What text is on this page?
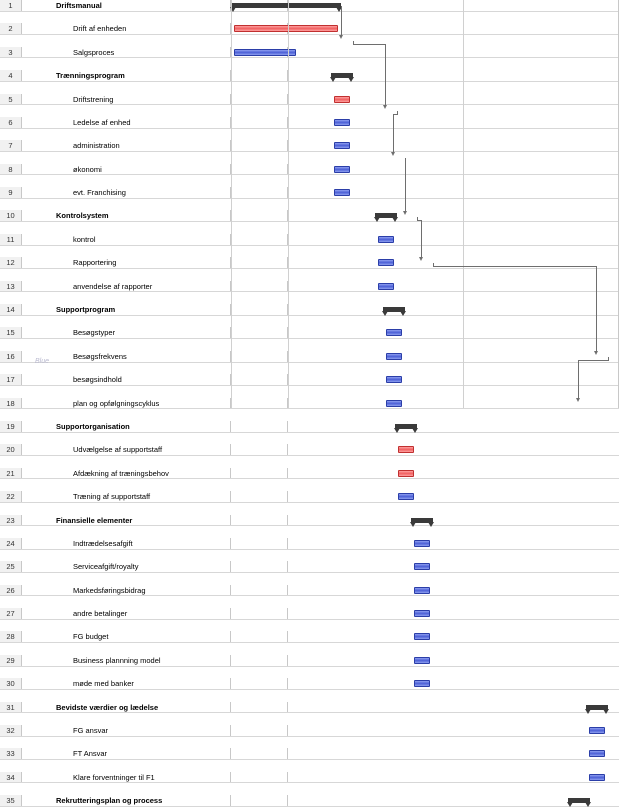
1	Driftsmanual
2	Drift af enheden
3	Salgsproces
4	Trænningsprogram
5	Driftstrening
6	Ledelse af enhed
7	administration
8	økonomi
9	evt. Franchising
10	Kontrolsystem
11	kontrol
12	Rapportering
13	anvendelse af rapporter
14	Supportprogram
15	Besøgstyper
16	Besøgsfrekvens
17	besøgsindhold
18	plan og opfølgningscyklus
19	Supportorganisation
20	Udvælgelse af supportstaff
21	Afdækning af træningsbehov
22	Træning af supportstaff
23	Finansielle elementer
24	Indtrædelsesafgift
25	Serviceafgift/royalty
26	Markedsføringsbidrag
27	andre betalinger
28	FG budget
29	Business plannning model
30	møde med banker
31	Bevidste værdier og lædelse
32	FG ansvar
33	FT Ansvar
34	Klare forventninger til F1
35	Rekrutteringsplan og process
Blue
